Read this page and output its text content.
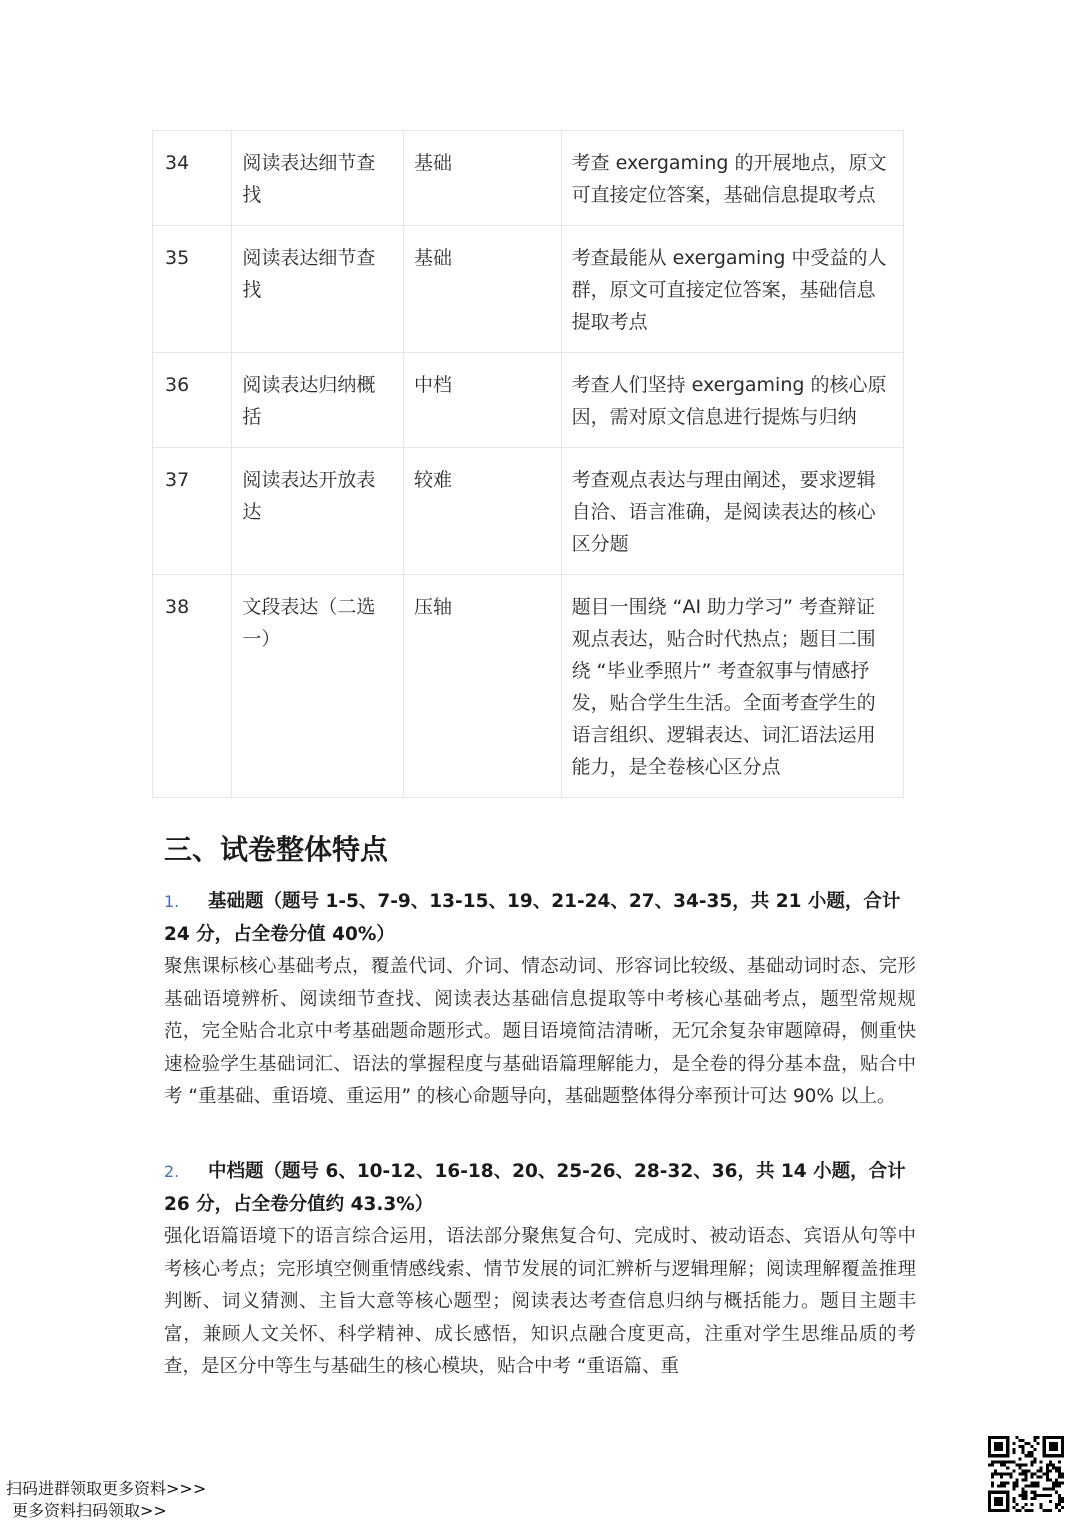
34	阅读表达细节查找	基础	考查 exergaming 的开展地点，原文可直接定位答案，基础信息提取考点
35	阅读表达细节查找	基础	考查最能从 exergaming 中受益的人群，原文可直接定位答案，基础信息提取考点
36	阅读表达归纳概括	中档	考查人们坚持 exergaming 的核心原因，需对原文信息进行提炼与归纳
37	阅读表达开放表达	较难	考查观点表达与理由阐述，要求逻辑自洽、语言准确，是阅读表达的核心区分题
38	文段表达（二选一）	压轴	题目一围绕 “AI 助力学习” 考查辩证观点表达，贴合时代热点；题目二围绕 “毕业季照片” 考查叙事与情感抒发，贴合学生生活。全面考查学生的语言组织、逻辑表达、词汇语法运用能力，是全卷核心区分点
三、试卷整体特点
1. 基础题（题号 1-5、7-9、13-15、19、21-24、27、34-35，共 21 小题，合计 24 分，占全卷分值 40%）
聚焦课标核心基础考点，覆盖代词、介词、情态动词、形容词比较级、基础动词时态、完形基础语境辨析、阅读细节查找、阅读表达基础信息提取等中考核心基础考点，题型常规规范，完全贴合北京中考基础题命题形式。题目语境简洁清晰，无冗余复杂审题障碍，侧重快速检验学生基础词汇、语法的掌握程度与基础语篇理解能力，是全卷的得分基本盘，贴合中考 “重基础、重语境、重运用” 的核心命题导向，基础题整体得分率预计可达 90% 以上。
2. 中档题（题号 6、10-12、16-18、20、25-26、28-32、36，共 14 小题，合计 26 分，占全卷分值约 43.3%）
强化语篇语境下的语言综合运用，语法部分聚焦复合句、完成时、被动语态、宾语从句等中考核心考点；完形填空侧重情感线索、情节发展的词汇辨析与逻辑理解；阅读理解覆盖推理判断、词义猜测、主旨大意等核心题型；阅读表达考查信息归纳与概括能力。题目主题丰富，兼顾人文关怀、科学精神、成长感悟，知识点融合度更高，注重对学生思维品质的考查，是区分中等生与基础生的核心模块，贴合中考 “重语篇、重
扫码进群领取更多资料>>>
更多资料扫码领取>>
